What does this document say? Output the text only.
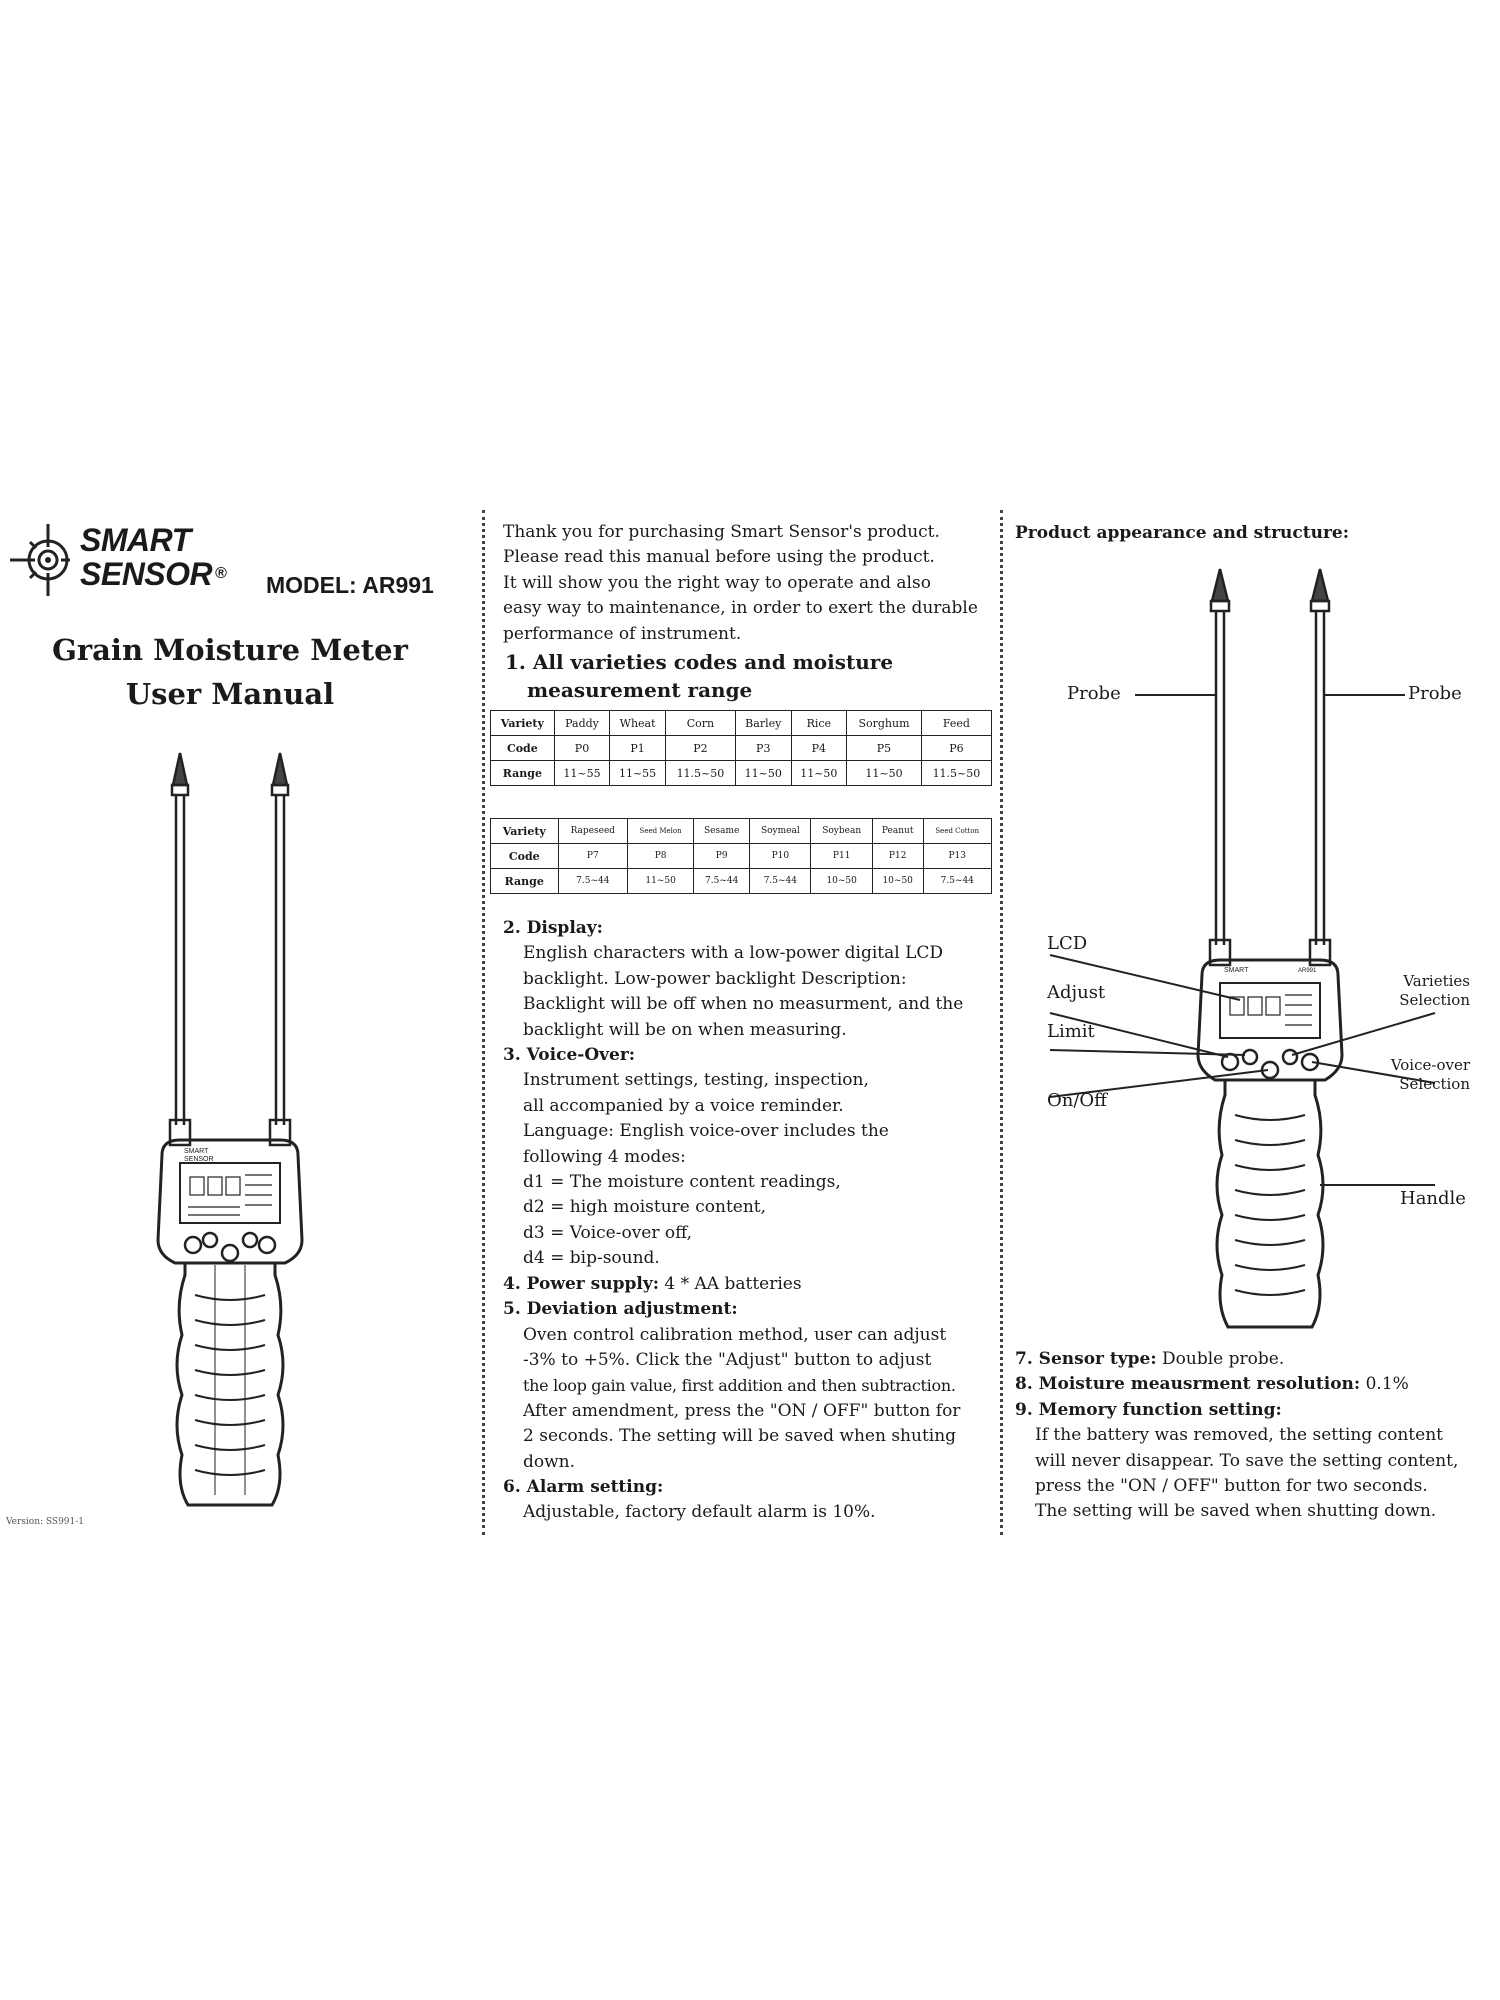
SMART
SENSOR ® MODEL: AR991
Grain Moisture Meter
User Manual
SMART
SENSOR
Version: SS991-1

Thank you for purchasing Smart Sensor's product.

Please read this manual before using the product.

It will show you the right way to operate and also

easy way to maintenance, in order to exert the durable

performance of instrument.

1. All varieties codes and moisture
measurement range
Variety	Paddy	Wheat	Corn	Barley	Rice	Sorghum	Feed
Code	P0	P1	P2	P3	P4	P5	P6
Range	11~55	11~55	11.5~50	11~50	11~50	11~50	11.5~50
Variety	Rapeseed	Seed Melon	Sesame	Soymeal	Soybean	Peanut	Seed Cotton
Code	P7	P8	P9	P10	P11	P12	P13
Range	7.5~44	11~50	7.5~44	7.5~44	10~50	10~50	7.5~44

2. Display:

English characters with a low-power digital LCD

backlight. Low-power backlight Description:

Backlight will be off when no measurment, and the

backlight will be on when measuring.

3. Voice-Over:

Instrument settings, testing, inspection,

all accompanied by a voice reminder.

Language: English voice-over includes the

following 4 modes:

d1 = The moisture content readings,

d2 = high moisture content,

d3 = Voice-over off,

d4 = bip-sound.

4. Power supply: 4 * AA batteries

5. Deviation adjustment:

Oven control calibration method, user can adjust

-3% to +5%. Click the "Adjust" button to adjust

the loop gain value, first addition and then subtraction.

After amendment, press the "ON / OFF" button for

2 seconds. The setting will be saved when shuting

down.

6. Alarm setting:

Adjustable, factory default alarm is 10%.

Product appearance and structure:
SMART	AR991
Probe	Probe
LCD
Adjust
Limit
On/Off
Varieties
Selection
Voice-over
Selection
Handle

7. Sensor type: Double probe.

8. Moisture meausrment resolution: 0.1%

9. Memory function setting:

If the battery was removed, the setting content

will never disappear. To save the setting content,

press the "ON / OFF" button for two seconds.

The setting will be saved when shutting down.
